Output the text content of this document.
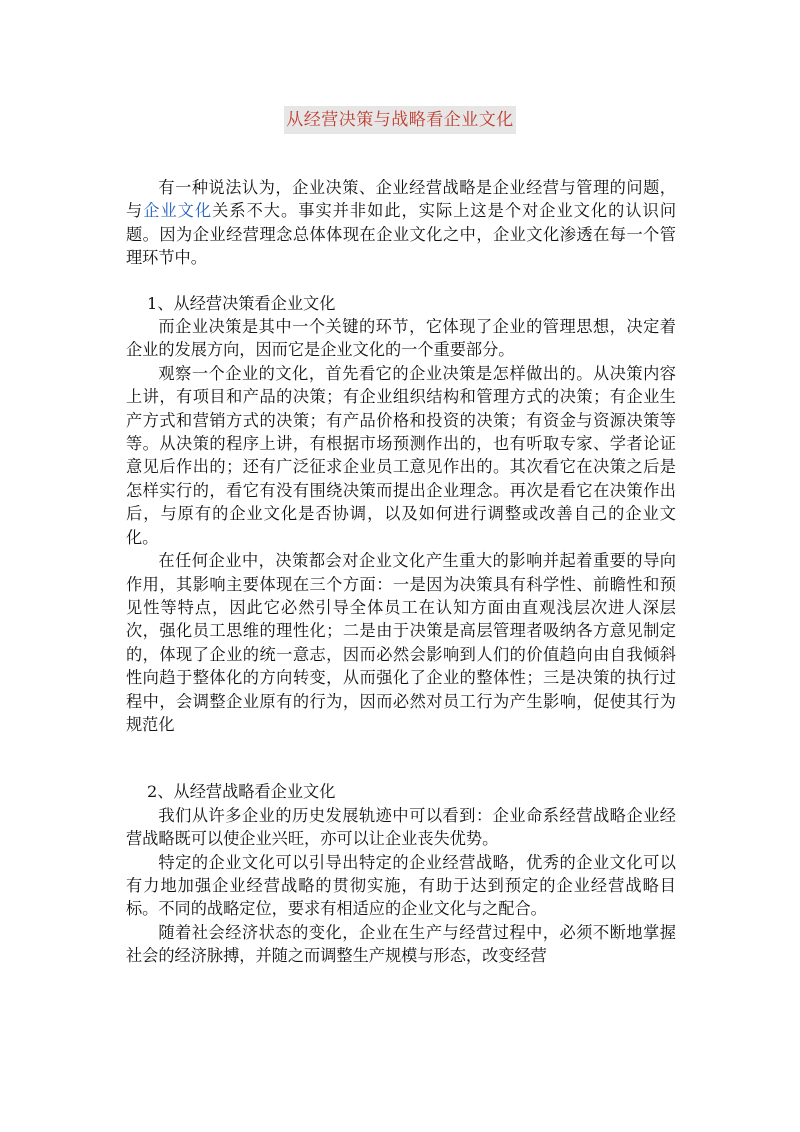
从经营决策与战略看企业文化

有一种说法认为，企业决策、企业经营战略是企业经营与管理的问题，与企业文化关系不大。事实并非如此，实际上这是个对企业文化的认识问题。因为企业经营理念总体体现在企业文化之中，企业文化渗透在每一个管理环节中。

1、从经营决策看企业文化

而企业决策是其中一个关键的环节，它体现了企业的管理思想，决定着企业的发展方向，因而它是企业文化的一个重要部分。

观察一个企业的文化，首先看它的企业决策是怎样做出的。从决策内容上讲，有项目和产品的决策；有企业组织结构和管理方式的决策；有企业生产方式和营销方式的决策；有产品价格和投资的决策；有资金与资源决策等等。从决策的程序上讲，有根据市场预测作出的，也有听取专家、学者论证意见后作出的；还有广泛征求企业员工意见作出的。其次看它在决策之后是怎样实行的，看它有没有围绕决策而提出企业理念。再次是看它在决策作出后，与原有的企业文化是否协调，以及如何进行调整或改善自己的企业文化。

在任何企业中，决策都会对企业文化产生重大的影响并起着重要的导向作用，其影响主要体现在三个方面：一是因为决策具有科学性、前瞻性和预见性等特点，因此它必然引导全体员工在认知方面由直观浅层次进人深层次，强化员工思维的理性化；二是由于决策是高层管理者吸纳各方意见制定的，体现了企业的统一意志，因而必然会影响到人们的价值趋向由自我倾斜性向趋于整体化的方向转变，从而强化了企业的整体性；三是决策的执行过程中，会调整企业原有的行为，因而必然对员工行为产生影响，促使其行为规范化

2、从经营战略看企业文化

我们从许多企业的历史发展轨迹中可以看到：企业命系经营战略企业经营战略既可以使企业兴旺，亦可以让企业丧失优势。

特定的企业文化可以引导出特定的企业经营战略，优秀的企业文化可以有力地加强企业经营战略的贯彻实施，有助于达到预定的企业经营战略目标。不同的战略定位，要求有相适应的企业文化与之配合。

随着社会经济状态的变化，企业在生产与经营过程中，必须不断地掌握社会的经济脉搏，并随之而调整生产规模与形态，改变经营
